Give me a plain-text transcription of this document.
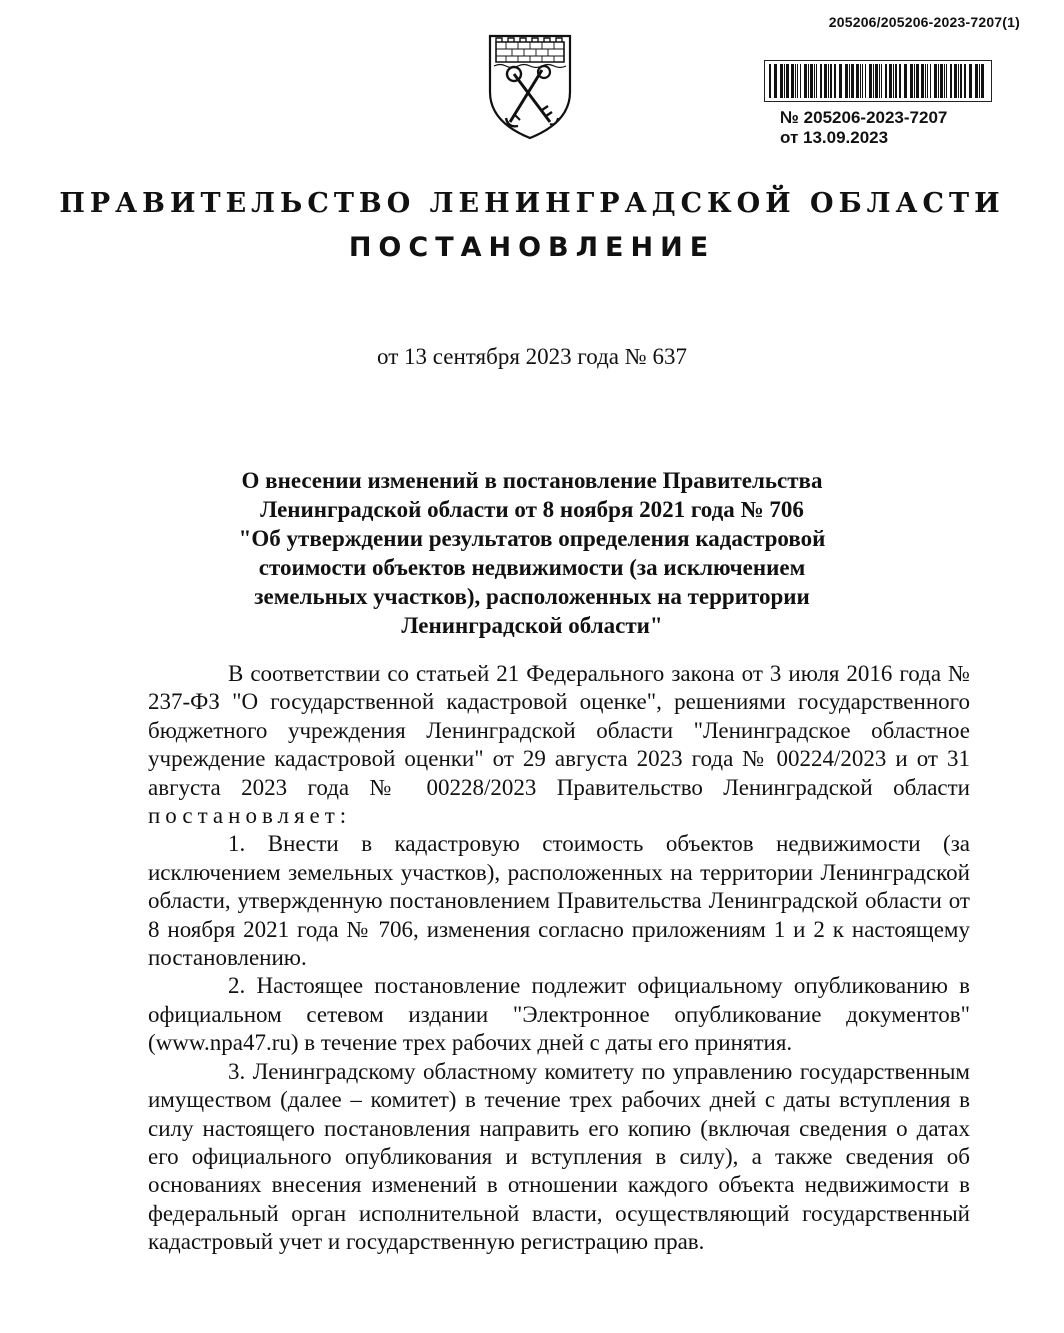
205206/205206-2023-7207(1)
№ 205206-2023-7207
от 13.09.2023
ПРАВИТЕЛЬСТВО ЛЕНИНГРАДСКОЙ ОБЛАСТИ
ПОСТАНОВЛЕНИЕ
от 13 сентября 2023 года № 637
О внесении изменений в постановление Правительства
Ленинградской области от 8 ноября 2021 года № 706
"Об утверждении результатов определения кадастровой
стоимости объектов недвижимости (за исключением
земельных участков), расположенных на территории
Ленинградской области"

В соответствии со статьей 21 Федерального закона от 3 июля 2016 года № 237-ФЗ "О государственной кадастровой оценке", решениями государственного бюджетного учреждения Ленинградской области "Ленинградское областное учреждение кадастровой оценки" от 29 августа 2023 года № 00224/2023 и от 31 августа 2023 года № 00228/2023 Правительство Ленинградской области постановляет:

1. Внести в кадастровую стоимость объектов недвижимости (за исключением земельных участков), расположенных на территории Ленинградской области, утвержденную постановлением Правительства Ленинградской области от 8 ноября 2021 года № 706, изменения согласно приложениям 1 и 2 к настоящему постановлению.

2. Настоящее постановление подлежит официальному опубликованию в официальном сетевом издании "Электронное опубликование документов" (www.npa47.ru) в течение трех рабочих дней с даты его принятия.

3. Ленинградскому областному комитету по управлению государственным имуществом (далее – комитет) в течение трех рабочих дней с даты вступления в силу настоящего постановления направить его копию (включая сведения о датах его официального опубликования и вступления в силу), а также сведения об основаниях внесения изменений в отношении каждого объекта недвижимости в федеральный орган исполнительной власти, осуществляющий государственный кадастровый учет и государственную регистрацию прав.
